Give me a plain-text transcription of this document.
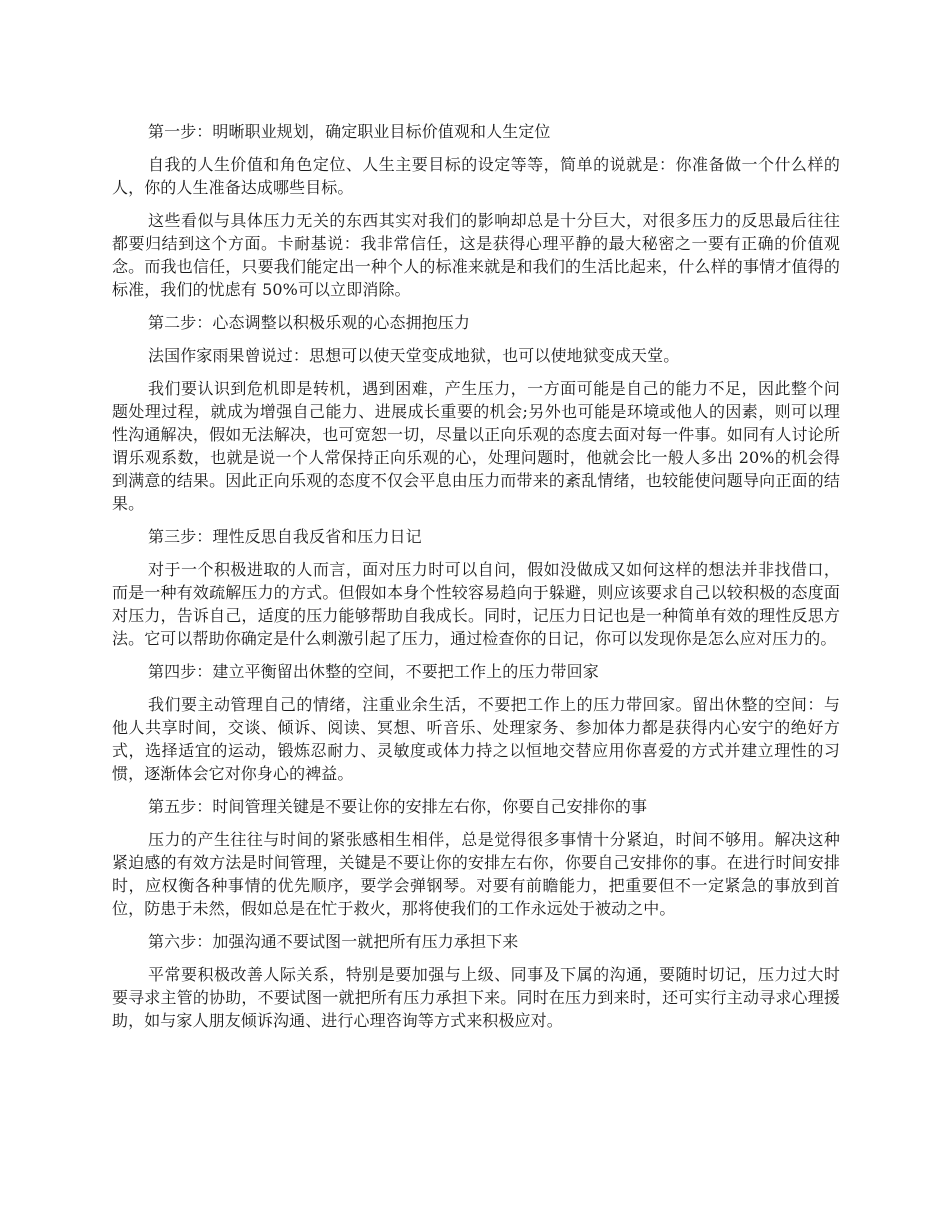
第一步：明晰职业规划，确定职业目标价值观和人生定位

自我的人生价值和角色定位、人生主要目标的设定等等，简单的说就是：你准备做一个什么样的人，你的人生准备达成哪些目标。

这些看似与具体压力无关的东西其实对我们的影响却总是十分巨大，对很多压力的反思最后往往都要归结到这个方面。卡耐基说：我非常信任，这是获得心理平静的最大秘密之一要有正确的价值观念。而我也信任，只要我们能定出一种个人的标准来就是和我们的生活比起来，什么样的事情才值得的标准，我们的忧虑有 50%可以立即消除。

第二步：心态调整以积极乐观的心态拥抱压力

法国作家雨果曾说过：思想可以使天堂变成地狱，也可以使地狱变成天堂。

我们要认识到危机即是转机，遇到困难，产生压力，一方面可能是自己的能力不足，因此整个问题处理过程，就成为增强自己能力、进展成长重要的机会;另外也可能是环境或他人的因素，则可以理性沟通解决，假如无法解决，也可宽恕一切，尽量以正向乐观的态度去面对每一件事。如同有人讨论所谓乐观系数，也就是说一个人常保持正向乐观的心，处理问题时，他就会比一般人多出 20%的机会得到满意的结果。因此正向乐观的态度不仅会平息由压力而带来的紊乱情绪，也较能使问题导向正面的结果。

第三步：理性反思自我反省和压力日记

对于一个积极进取的人而言，面对压力时可以自问，假如没做成又如何这样的想法并非找借口，而是一种有效疏解压力的方式。但假如本身个性较容易趋向于躲避，则应该要求自己以较积极的态度面对压力，告诉自己，适度的压力能够帮助自我成长。同时，记压力日记也是一种简单有效的理性反思方法。它可以帮助你确定是什么刺激引起了压力，通过检查你的日记，你可以发现你是怎么应对压力的。

第四步：建立平衡留出休整的空间，不要把工作上的压力带回家

我们要主动管理自己的情绪，注重业余生活，不要把工作上的压力带回家。留出休整的空间：与他人共享时间，交谈、倾诉、阅读、冥想、听音乐、处理家务、参加体力都是获得内心安宁的绝好方式，选择适宜的运动，锻炼忍耐力、灵敏度或体力持之以恒地交替应用你喜爱的方式并建立理性的习惯，逐渐体会它对你身心的裨益。

第五步：时间管理关键是不要让你的安排左右你，你要自己安排你的事

压力的产生往往与时间的紧张感相生相伴，总是觉得很多事情十分紧迫，时间不够用。解决这种紧迫感的有效方法是时间管理，关键是不要让你的安排左右你，你要自己安排你的事。在进行时间安排时，应权衡各种事情的优先顺序，要学会弹钢琴。对要有前瞻能力，把重要但不一定紧急的事放到首位，防患于未然，假如总是在忙于救火，那将使我们的工作永远处于被动之中。

第六步：加强沟通不要试图一就把所有压力承担下来

平常要积极改善人际关系，特别是要加强与上级、同事及下属的沟通，要随时切记，压力过大时要寻求主管的协助，不要试图一就把所有压力承担下来。同时在压力到来时，还可实行主动寻求心理援助，如与家人朋友倾诉沟通、进行心理咨询等方式来积极应对。
